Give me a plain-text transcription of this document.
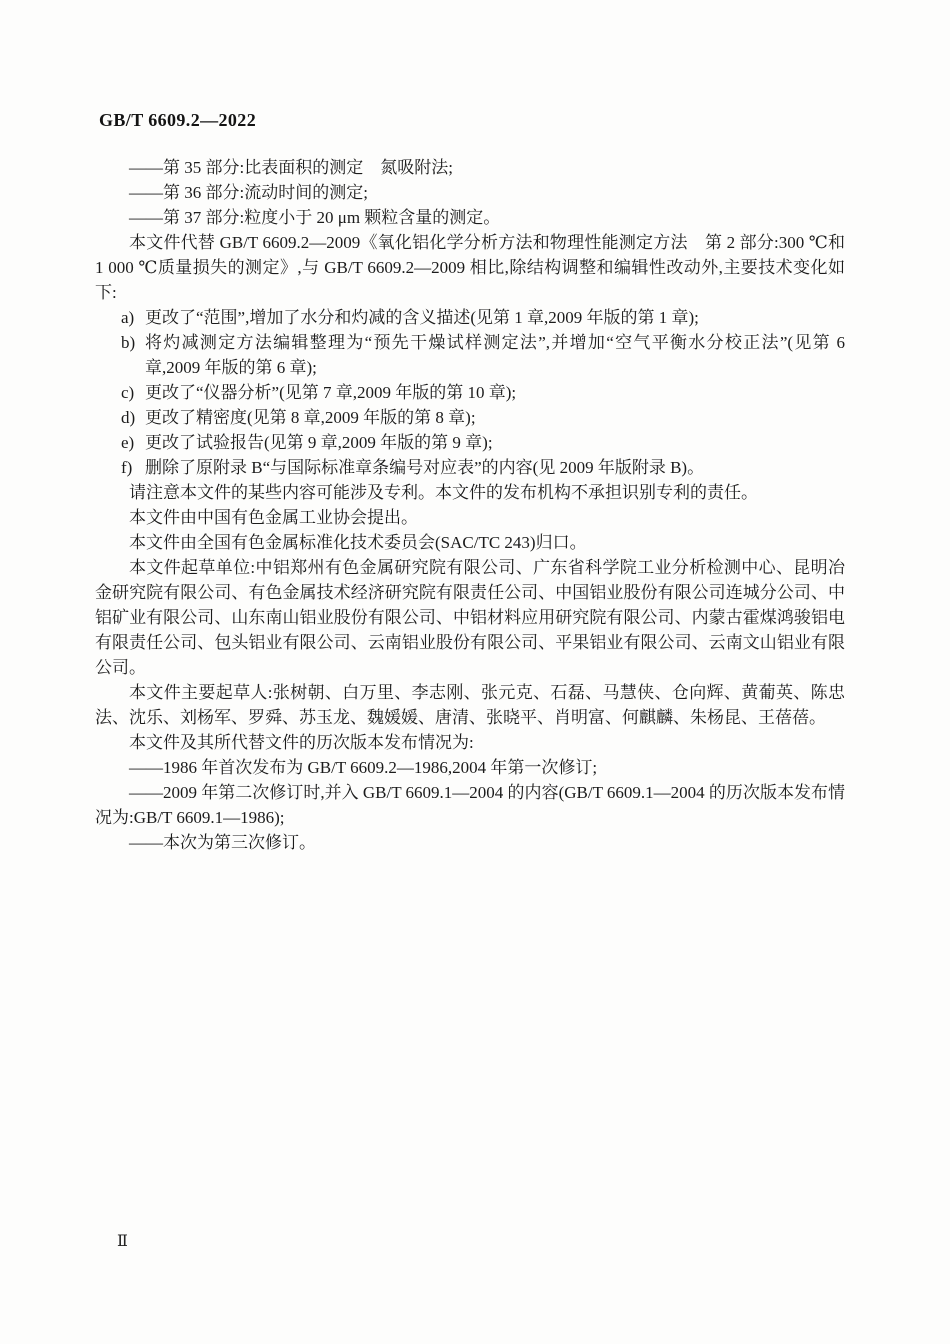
GB/T 6609.2—2022

——第 35 部分:比表面积的测定　氮吸附法;

——第 36 部分:流动时间的测定;

——第 37 部分:粒度小于 20 μm 颗粒含量的测定。

本文件代替 GB/T 6609.2—2009《氧化铝化学分析方法和物理性能测定方法　第 2 部分:300 ℃和 1 000 ℃质量损失的测定》,与 GB/T 6609.2—2009 相比,除结构调整和编辑性改动外,主要技术变化如下:

a) 更改了“范围”,增加了水分和灼减的含义描述(见第 1 章,2009 年版的第 1 章);
b) 将灼减测定方法编辑整理为“预先干燥试样测定法”,并增加“空气平衡水分校正法”(见第 6 章,2009 年版的第 6 章);
c) 更改了“仪器分析”(见第 7 章,2009 年版的第 10 章);
d) 更改了精密度(见第 8 章,2009 年版的第 8 章);
e) 更改了试验报告(见第 9 章,2009 年版的第 9 章);
f) 删除了原附录 B“与国际标准章条编号对应表”的内容(见 2009 年版附录 B)。

请注意本文件的某些内容可能涉及专利。本文件的发布机构不承担识别专利的责任。

本文件由中国有色金属工业协会提出。

本文件由全国有色金属标准化技术委员会(SAC/TC 243)归口。

本文件起草单位:中铝郑州有色金属研究院有限公司、广东省科学院工业分析检测中心、昆明冶金研究院有限公司、有色金属技术经济研究院有限责任公司、中国铝业股份有限公司连城分公司、中铝矿业有限公司、山东南山铝业股份有限公司、中铝材料应用研究院有限公司、内蒙古霍煤鸿骏铝电有限责任公司、包头铝业有限公司、云南铝业股份有限公司、平果铝业有限公司、云南文山铝业有限公司。

本文件主要起草人:张树朝、白万里、李志刚、张元克、石磊、马慧侠、仓向辉、黄葡英、陈忠法、沈乐、刘杨军、罗舜、苏玉龙、魏媛媛、唐清、张晓平、肖明富、何麒麟、朱杨昆、王蓓蓓。

本文件及其所代替文件的历次版本发布情况为:

——1986 年首次发布为 GB/T 6609.2—1986,2004 年第一次修订;

——2009 年第二次修订时,并入 GB/T 6609.1—2004 的内容(GB/T 6609.1—2004 的历次版本发布情况为:GB/T 6609.1—1986);

——本次为第三次修订。

Ⅱ
